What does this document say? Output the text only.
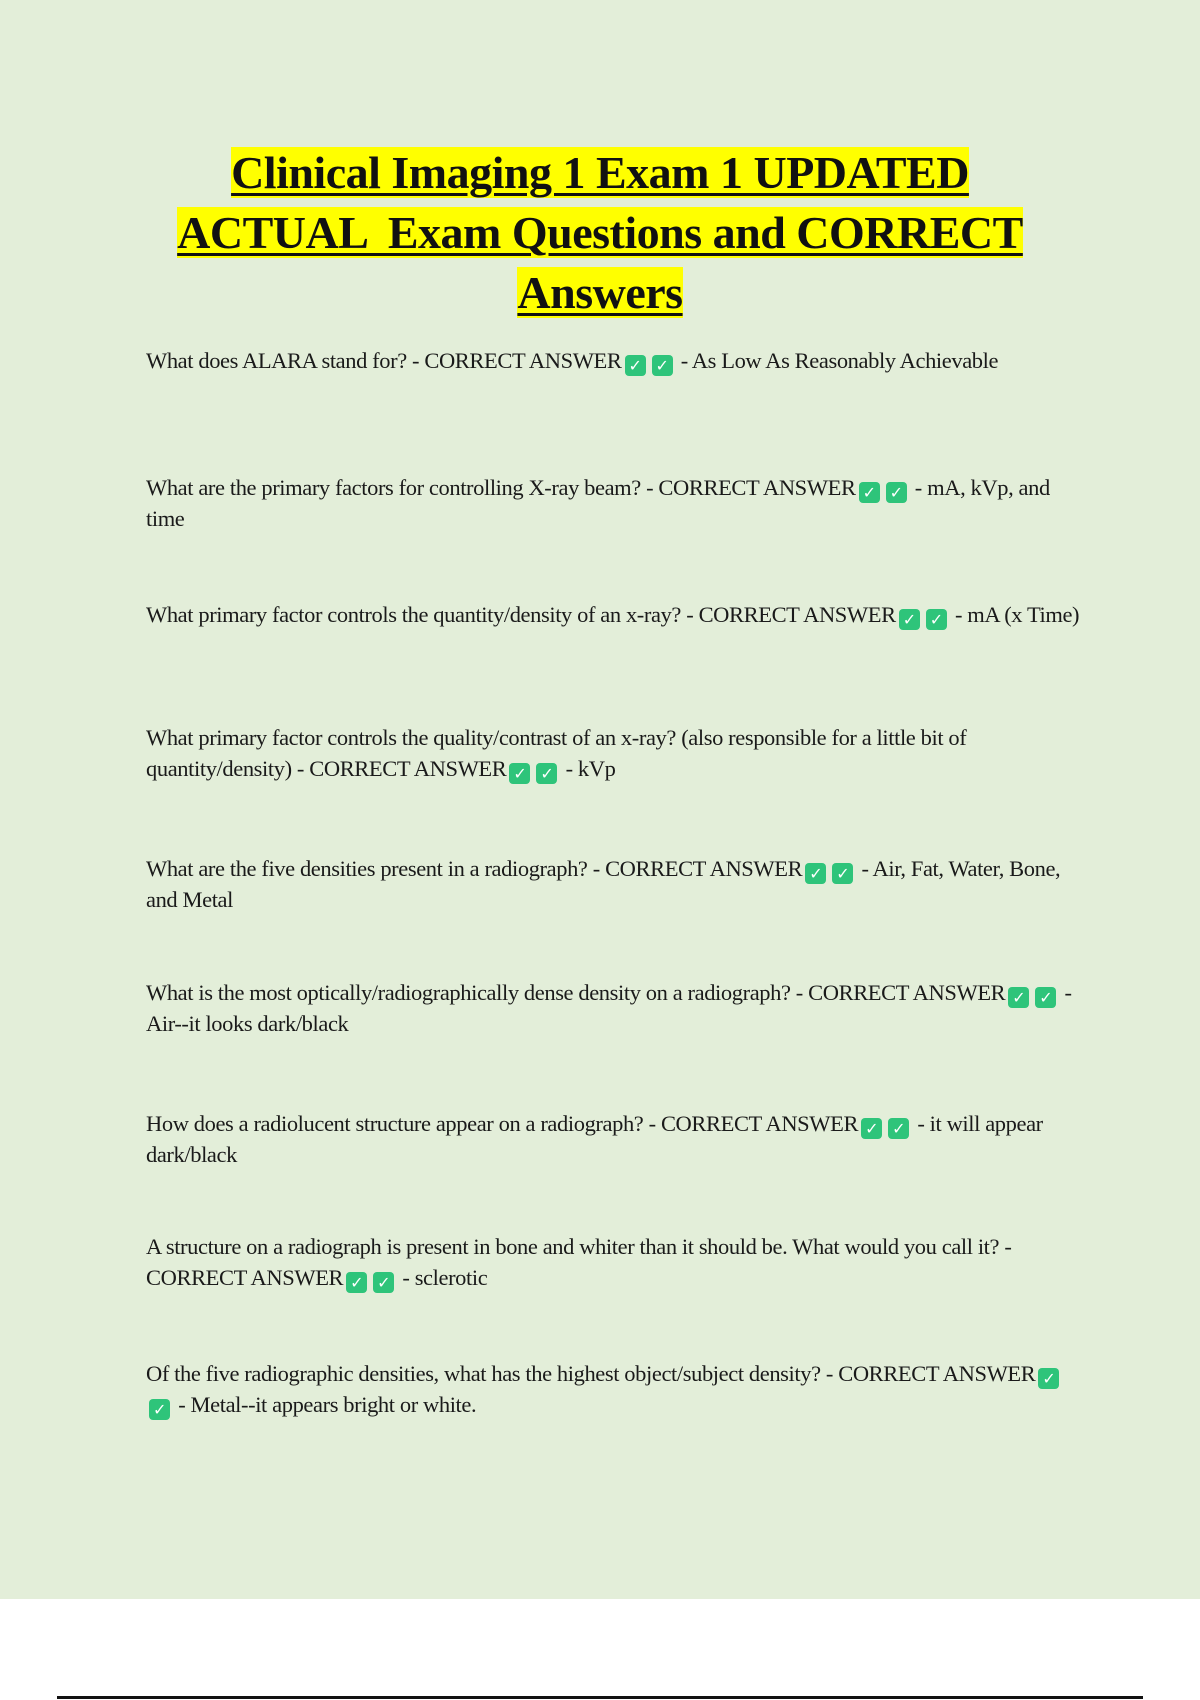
Clinical Imaging 1 Exam 1 UPDATED
ACTUAL  Exam Questions and CORRECT
Answers
What does ALARA stand for? - CORRECT ANSWER ✓ ✓ - As Low As Reasonably Achievable
What are the primary factors for controlling X-ray beam? - CORRECT ANSWER ✓ ✓ - mA, kVp, and time
What primary factor controls the quantity/density of an x-ray? - CORRECT ANSWER ✓ ✓ - mA (x Time)
What primary factor controls the quality/contrast of an x-ray? (also responsible for a little bit of quantity/density) - CORRECT ANSWER ✓ ✓ - kVp
What are the five densities present in a radiograph? - CORRECT ANSWER ✓ ✓ - Air, Fat, Water, Bone, and Metal
What is the most optically/radiographically dense density on a radiograph? - CORRECT ANSWER ✓ ✓ - Air--it looks dark/black
How does a radiolucent structure appear on a radiograph? - CORRECT ANSWER ✓ ✓ - it will appear dark/black
A structure on a radiograph is present in bone and whiter than it should be. What would you call it? - CORRECT ANSWER ✓ ✓ - sclerotic
Of the five radiographic densities, what has the highest object/subject density? - CORRECT ANSWER ✓✓ - Metal--it appears bright or white.
